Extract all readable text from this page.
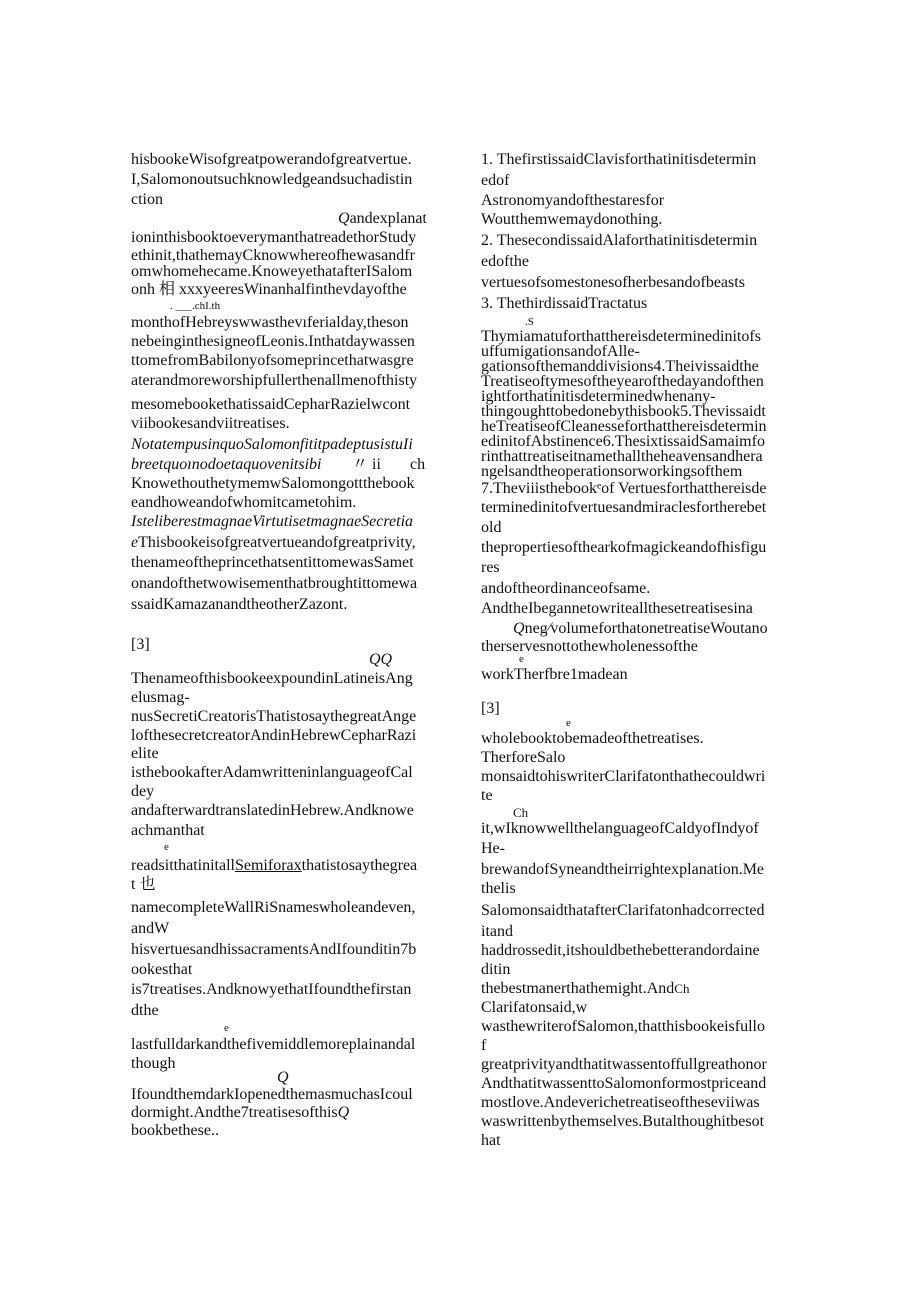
hisbookeWisofgreatpowerandofgreatvertue.
I,Salomonoutsuchknowledgeandsuchadistin
ction
Qandexplanat
ioninthisbooktoeverymanthatreadethorStudy
ethinit,thathemayCknowwhereofhewasandfr
omwhomehecame.KnoweyethatafterISalom
onh 相 xxxyeeresWinanhalfinthevdayofthe
. ___.chI.th
monthofHebreyswwasthevıferialday,theson
nebeinginthesigneofLeonis.Inthatdaywassen
ttomefromBabilonyofsomeprincethatwasgre
aterandmoreworshipfullerthenallmenofthisty
mesomebookethatissaidCepharRazielwcont
viibookesandviitreatises.
NotatempusinquoSalomonfititpadeptusistuIi
breetquoınodoetaquovenitsibi 〃 ii ch
KnowethouthetymemwSalomongottthebook
eandhoweandofwhomitcametohim.
IsteliberestmagnaeVirtutisetmagnaeSecretia
eThisbookeisofgreatvertueandofgreatprivity,
thenameoftheprincethatsentittomewasSamet
onandofthetwowisementhatbroughtittomewa
ssaidKamazanandtheotherZazont.
[3]
QQ
ThenameofthisbookeexpoundinLatineisAng
elusmag-
nusSecretiCreatorisThatistosaythegreatAnge
lofthesecretcreatorAndinHebrewCepharRazi
elite
isthebookafterAdamwritteninlanguageofCal
dey
andafterwardtranslatedinHebrew.Andknowe
achmanthat
e
readsitthatinitallSemiforaxthatistosaythegrea
t 也
namecompleteWallRiSnameswholeandeven,
andW
hisvertuesandhissacramentsAndIfounditin7b
ookesthat
is7treatises.AndknowyethatIfoundthefirstan
dthe
e
lastfulldarkandthefivemiddlemoreplainandal
though
Q
IfoundthemdarkIopenedthemasmuchasIcoul
dormight.Andthe7treatisesofthisQ
bookbethese..
1. ThefirstissaidClavisforthatinitisdetermin
edof
Astronomyandofthestaresfor
Woutthemwemaydonothing.
2. ThesecondissaidAlaforthatinitisdetermin
edofthe
vertuesofsomestonesofherbesandofbeasts
3. ThethirdissaidTractatus
.S
Thymiamatuforthatthereisdeterminedinitofs
uffumigationsandofAlle-
gationsofthemanddivisions4.Theivissaidthe
Treatiseoftymesoftheyearofthedayandofthen
ightforthatinitisdeterminedwhenany-
thingoughttobedonebythisbook5.Thevissaidt
heTreatiseofCleanesseforthatthereisdetermin
edinitofAbstinence6.ThesixtissaidSamaimfo
rinthattreatiseitnamethalltheheavensandhera
ngelsandtheoperationsorworkingsofthem
7.Theviiisthebookᵉof Vertuesforthatthereisde
terminedinitofvertuesandmiraclesfortherebet
old
thepropertiesofthearkofmagickeandofhisfigu
res
andoftheordinanceofsame.
AndtheIbegannetowriteallthesetreatisesina
Qneg⁄volumeforthatonetreatiseWoutano
therservesnottothewholenessofthe
e
workTherfbre1madean
[3]
e
wholebooktobemadeofthetreatises.
TherforeSalo
monsaidtohiswriterClarifatonthathecouldwri
te
Ch
it,wIknowwellthelanguageofCaldyofIndyof
He-
brewandofSyneandtheirrightexplanation.Me
thelis
SalomonsaidthatafterClarifatonhadcorrected
itand
haddrossedit,itshouldbethebetterandordaine
ditin
thebestmanerthathemight.AndCh
Clarifatonsaid,w
wasthewriterofSalomon,thatthisbookeisfullo
f
greatprivityandthatitwassentoffullgreathonor
AndthatitwassenttoSalomonformostpriceand
mostlove.Andeverichetreatiseoftheseviiwas
waswrittenbythemselves.Butalthoughitbesot
hat
